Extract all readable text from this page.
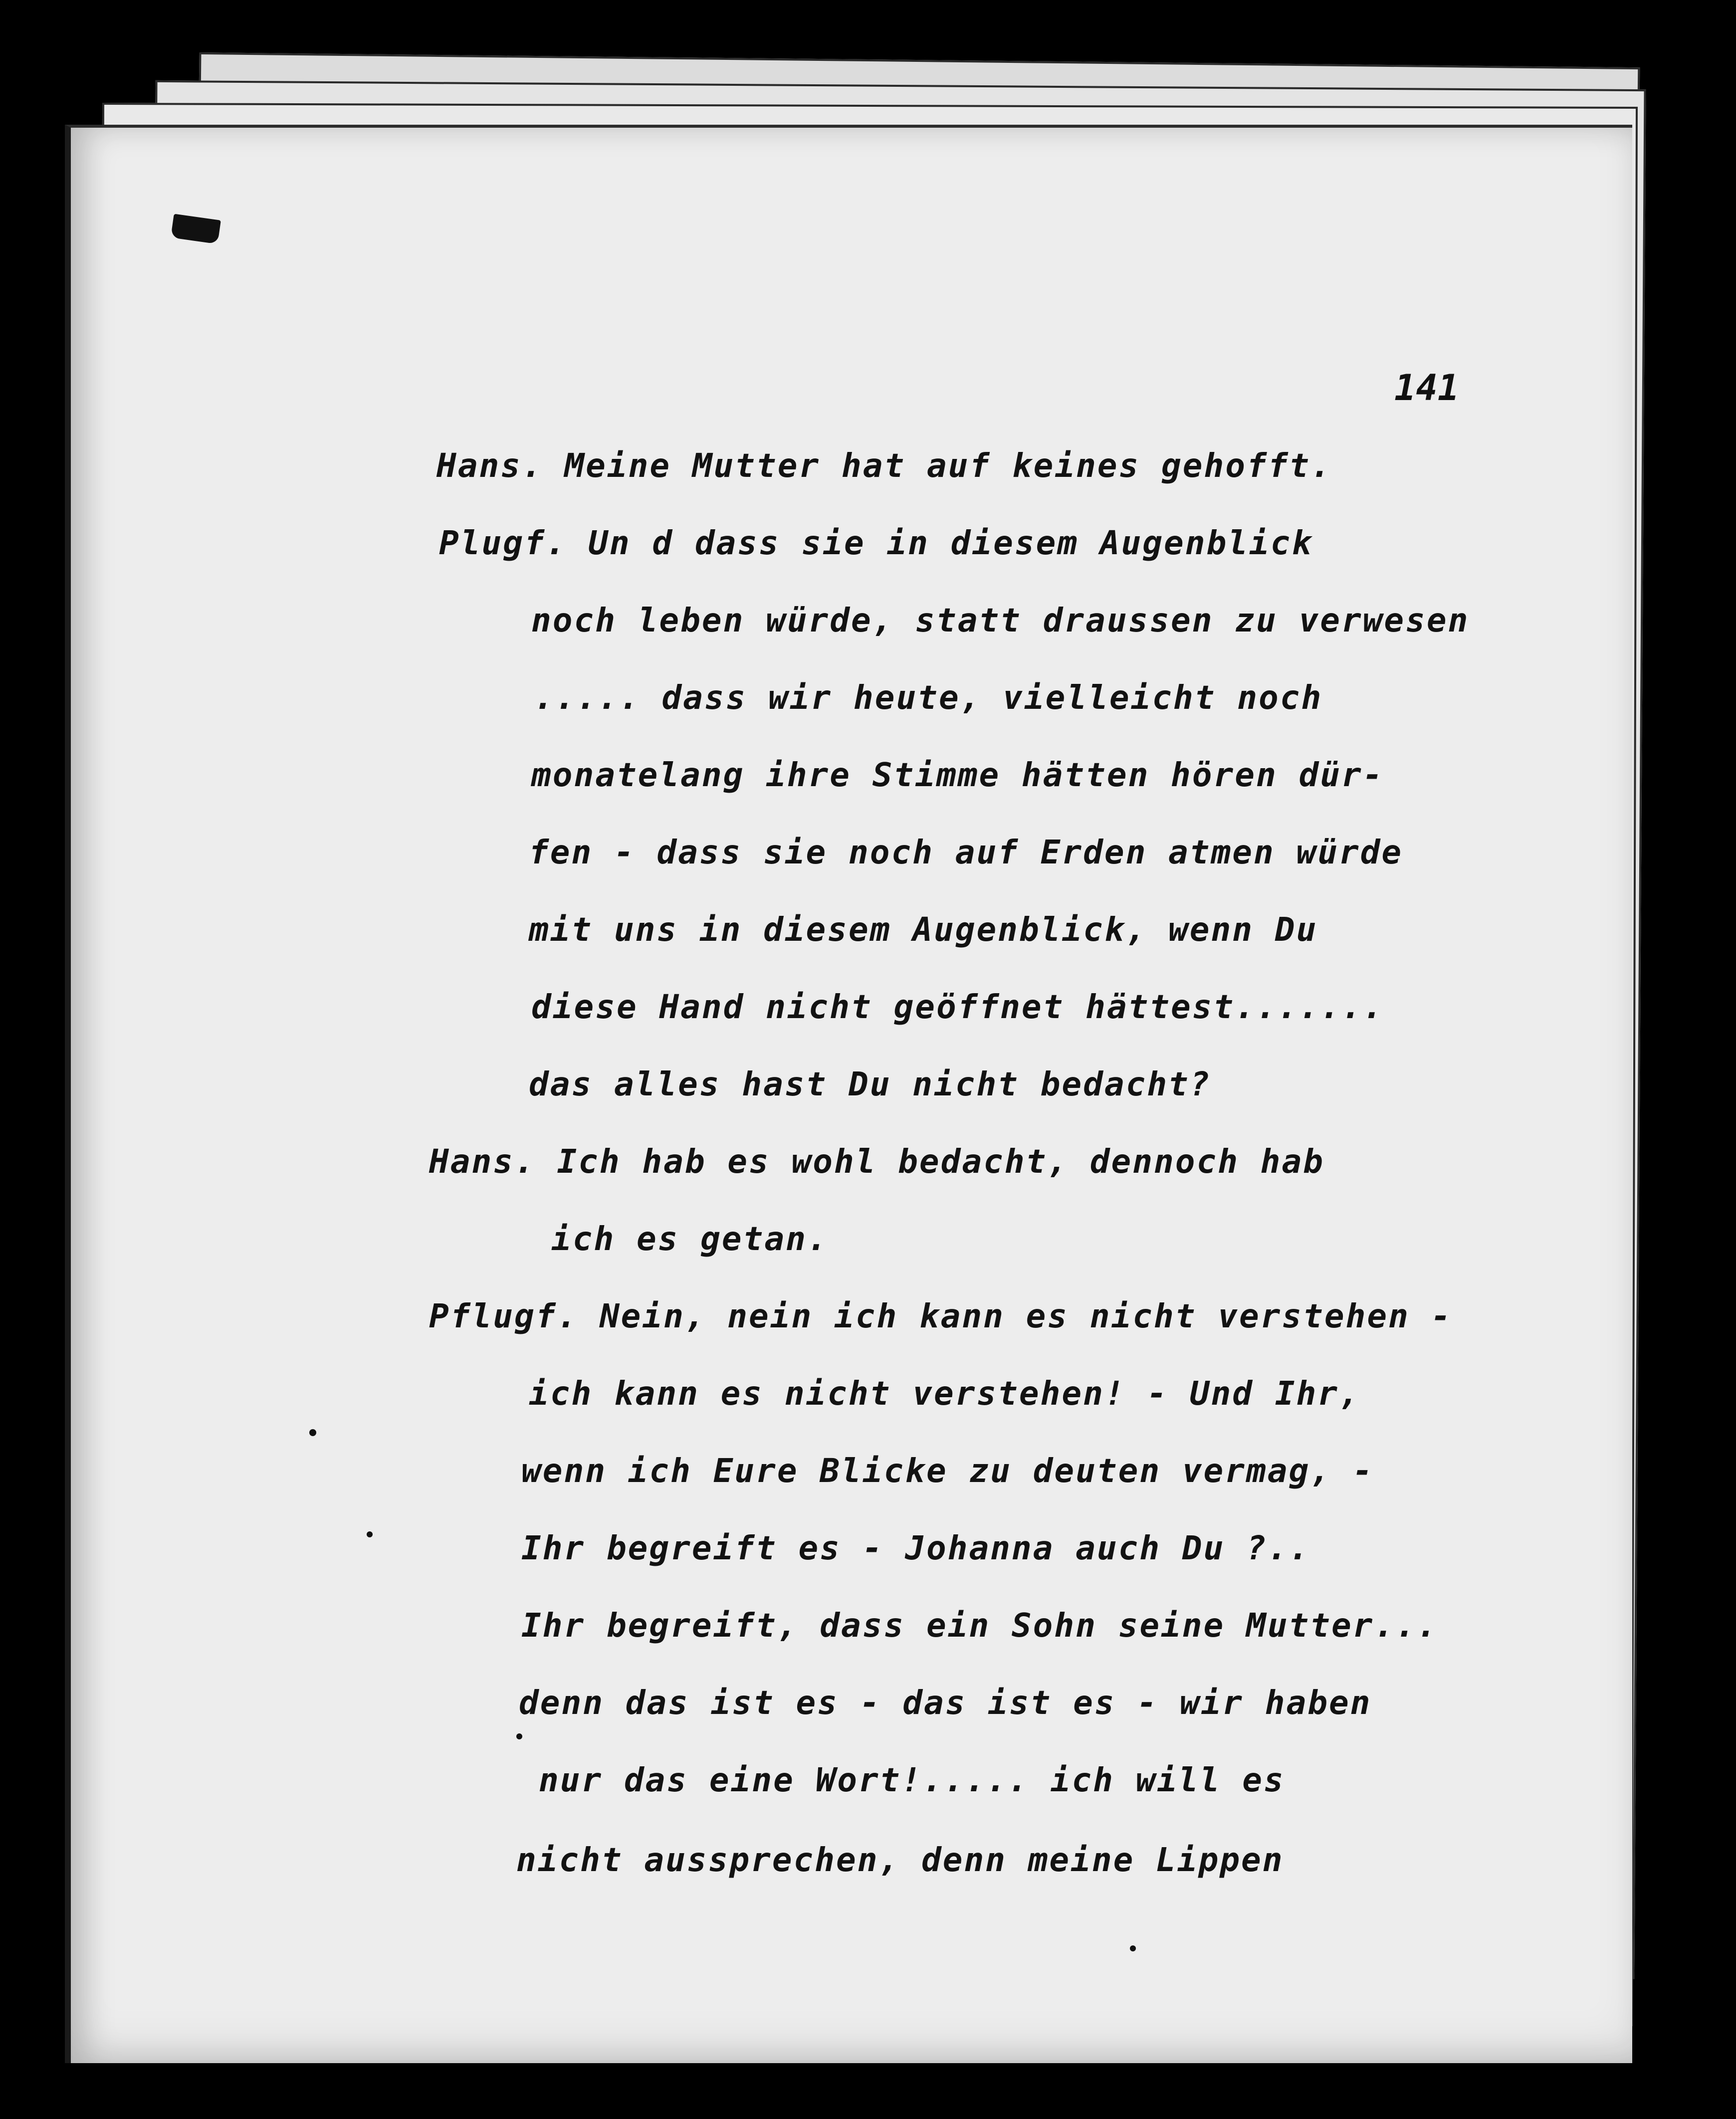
141
Hans. Meine Mutter hat auf keines gehofft.
Plugf. Un d dass sie in diesem Augenblick
noch leben würde, statt draussen zu verwesen
..... dass wir heute, vielleicht noch
monatelang ihre Stimme hätten hören dür-
fen - dass sie noch auf Erden atmen würde
mit uns in diesem Augenblick, wenn Du
diese Hand nicht geöffnet hättest.......
das alles hast Du nicht bedacht?
Hans. Ich hab es wohl bedacht, dennoch hab
ich es getan.
Pflugf. Nein, nein ich kann es nicht verstehen -
ich kann es nicht verstehen! - Und Ihr,
wenn ich Eure Blicke zu deuten vermag, -
Ihr begreift es - Johanna auch Du ?..
Ihr begreift, dass ein Sohn seine Mutter...
denn das ist es - das ist es - wir haben
nur das eine Wort!..... ich will es
nicht aussprechen, denn meine Lippen
